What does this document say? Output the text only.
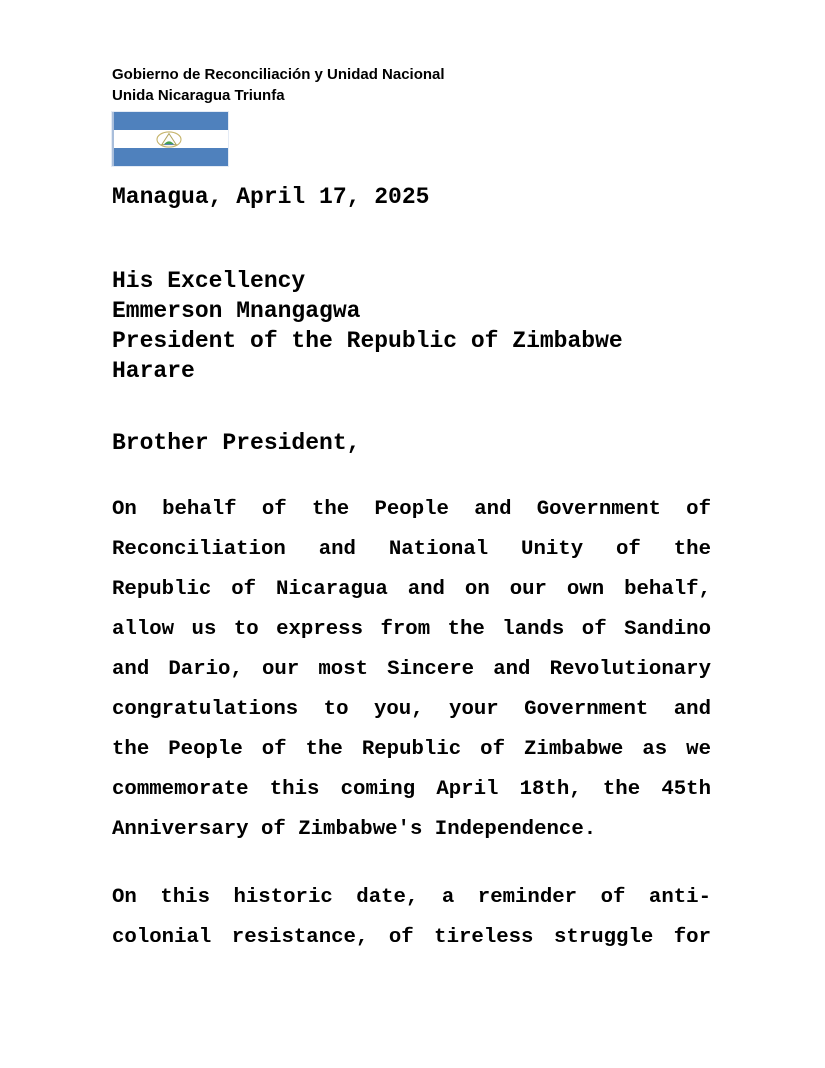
Gobierno de Reconciliación y Unidad Nacional
Unida Nicaragua Triunfa
Managua, April 17, 2025
His Excellency
Emmerson Mnangagwa
President of the Republic of Zimbabwe
Harare
Brother President,
On behalf of the People and Government of
Reconciliation and National Unity of the
Republic of Nicaragua and on our own behalf,
allow us to express from the lands of Sandino
and Dario, our most Sincere and Revolutionary
congratulations to you, your Government and
the People of the Republic of Zimbabwe as we
commemorate this coming April 18th, the 45th
Anniversary of Zimbabwe's Independence.
On this historic date, a reminder of anti-
colonial resistance, of tireless struggle for
